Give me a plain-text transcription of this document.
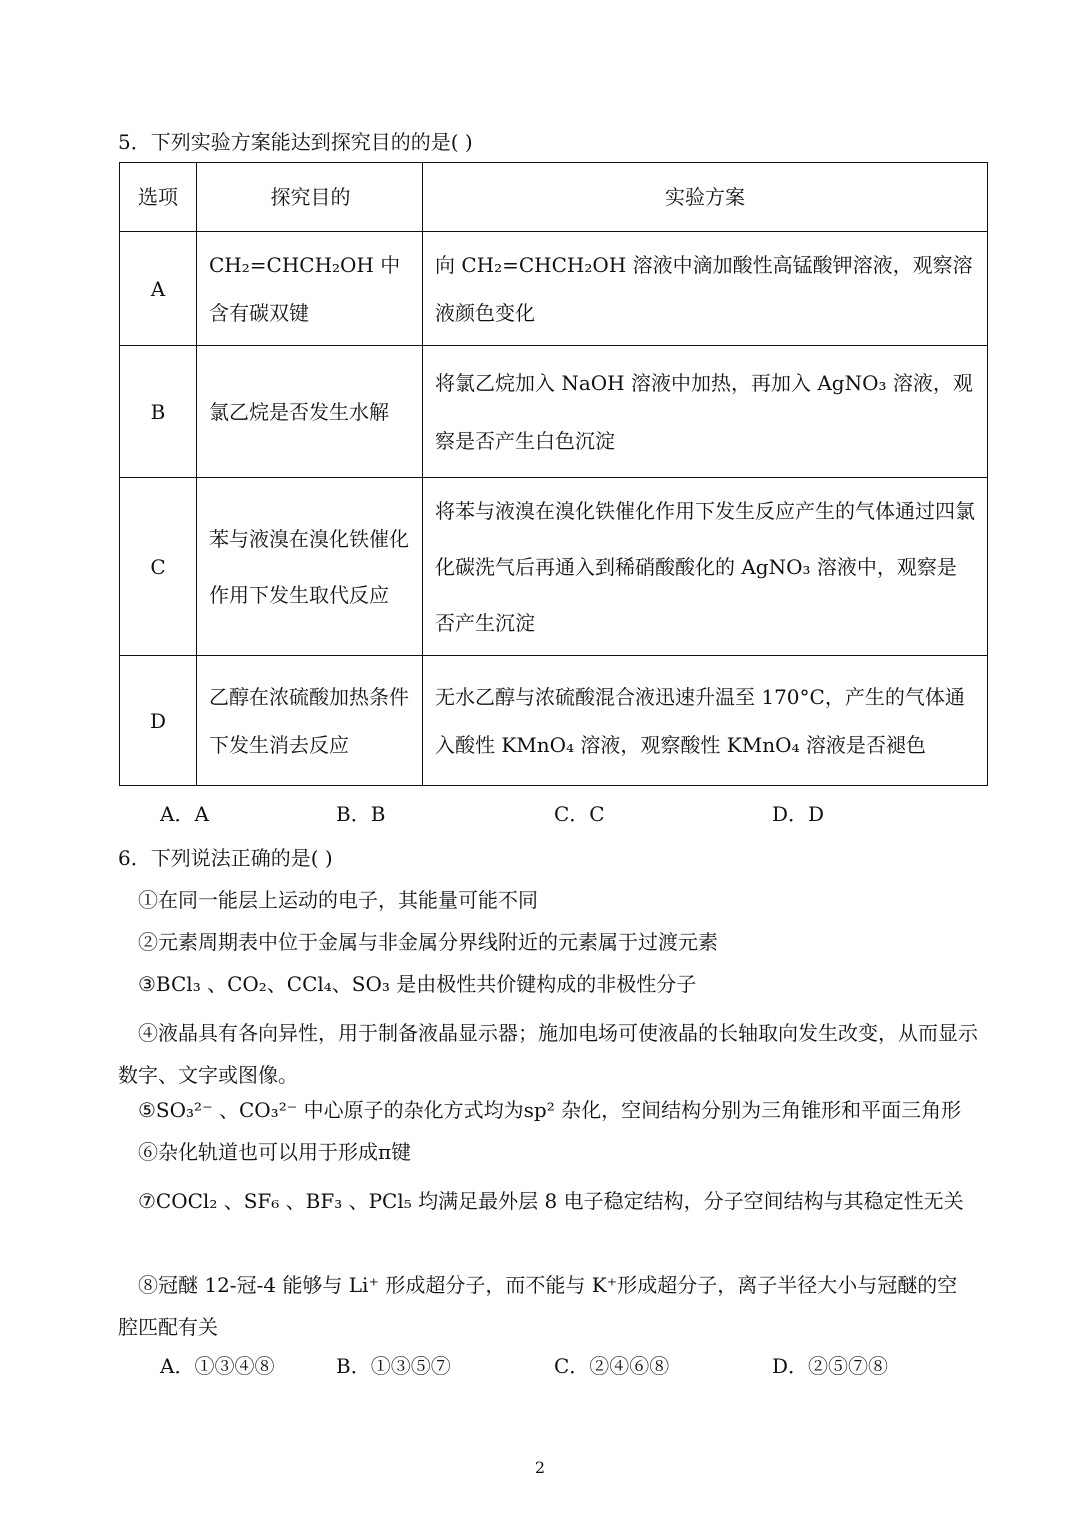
5．下列实验方案能达到探究目的的是( )
选项	探究目的	实验方案
A	CH₂=CHCH₂OH 中含有碳双键	向 CH₂=CHCH₂OH 溶液中滴加酸性高锰酸钾溶液，观察溶液颜色变化
B	氯乙烷是否发生水解	将氯乙烷加入 NaOH 溶液中加热，再加入 AgNO₃ 溶液，观察是否产生白色沉淀
C	苯与液溴在溴化铁催化作用下发生取代反应	将苯与液溴在溴化铁催化作用下发生反应产生的气体通过四氯化碳洗气后再通入到稀硝酸酸化的 AgNO₃ 溶液中，观察是否产生沉淀
D	乙醇在浓硫酸加热条件下发生消去反应	无水乙醇与浓硫酸混合液迅速升温至 170°C，产生的气体通入酸性 KMnO₄ 溶液，观察酸性 KMnO₄ 溶液是否褪色
A．A	B．B	C．C	D．D
6．下列说法正确的是( )
①在同一能层上运动的电子，其能量可能不同
②元素周期表中位于金属与非金属分界线附近的元素属于过渡元素
③BCl₃ 、CO₂、CCl₄、SO₃ 是由极性共价键构成的非极性分子
④液晶具有各向异性，用于制备液晶显示器；施加电场可使液晶的长轴取向发生改变，从而显示数字、文字或图像。
⑤SO₃²⁻ 、CO₃²⁻ 中心原子的杂化方式均为sp² 杂化，空间结构分别为三角锥形和平面三角形
⑥杂化轨道也可以用于形成π键
⑦COCl₂ 、SF₆ 、BF₃ 、PCl₅ 均满足最外层 8 电子稳定结构，分子空间结构与其稳定性无关
⑧冠醚 12-冠-4 能够与 Li⁺ 形成超分子，而不能与 K⁺形成超分子，离子半径大小与冠醚的空腔匹配有关
A．①③④⑧	B．①③⑤⑦	C．②④⑥⑧	D．②⑤⑦⑧
2
